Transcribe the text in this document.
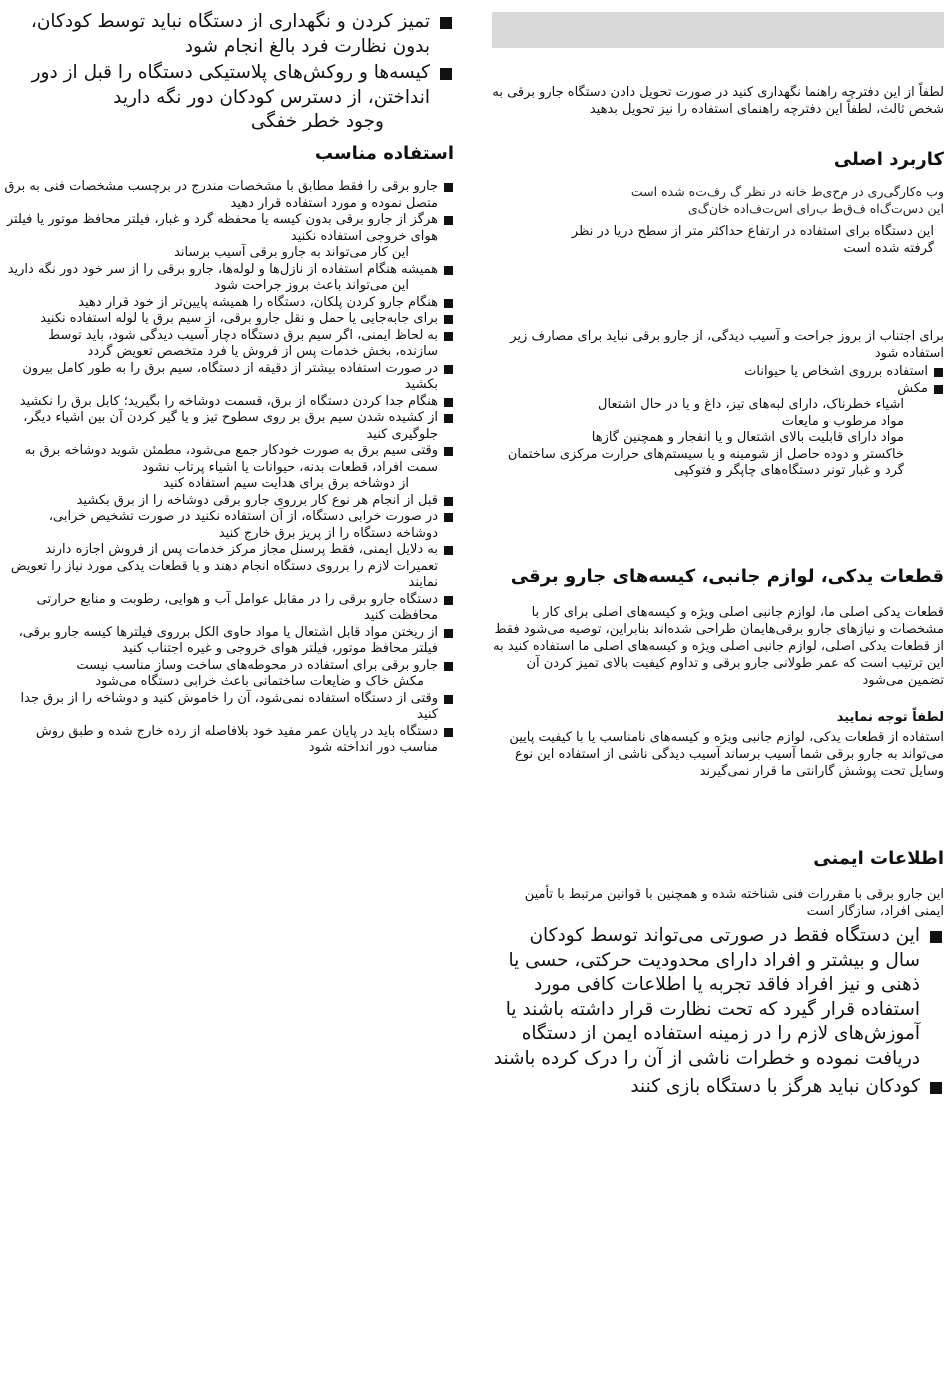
لطفاً از این دفترچه راهنما نگهداری کنید در صورت تحویل دادن دستگاه جارو برقی به شخص ثالث، لطفاً این دفترچه راهنمای استفاده را نیز تحویل بدهید

کاربرد اصلی

وب ه‌کارگی‌ری در م‌ح‌ی‌ط خانه در نظر گ رف‌ت‌ه شده است

این دس‌ت‌گ‌اه ف‌ق‌ط ب‌رای اس‌ت‌ف‌اده خان‌گ‌ی

این دستگاه برای استفاده در ارتفاع حداکثر متر از سطح دریا در نظر گرفته شده است

برای اجتناب از بروز جراحت و آسیب دیدگی، از جارو برقی نباید برای مصارف زیر استفاده شود

استفاده برروی اشخاص یا حیوانات

مکش

اشیاء خطرناک، دارای لبه‌های تیز، داغ و یا در حال اشتعال

مواد مرطوب و مایعات

مواد دارای قابلیت بالای اشتعال و یا انفجار و همچنین گازها

خاکستر و دوده حاصل از شومینه و یا سیستم‌های حرارت مرکزی ساختمان

گرد و غبار تونر دستگاه‌های چاپگر و فتوکپی

قطعات یدکی، لوازم جانبی، کیسه‌های جارو برقی

قطعات یدکی اصلی ما، لوازم جانبی اصلی ویژه و کیسه‌های اصلی برای کار با مشخصات و نیازهای جارو برقی‌هایمان طراحی شده‌اند بنابراین، توصیه می‌شود فقط از قطعات یدکی اصلی، لوازم جانبی اصلی ویژه و کیسه‌های اصلی ما استفاده کنید به این ترتیب است که عمر طولانی جارو برقی و تداوم کیفیت بالای تمیز کردن آن تضمین می‌شود

لطفاً توجه نمایید

استفاده از قطعات یدکی، لوازم جانبی ویژه و کیسه‌های نامناسب یا با کیفیت پایین می‌تواند به جارو برقی شما آسیب برساند آسیب دیدگی ناشی از استفاده این نوع وسایل تحت پوشش گارانتی ما قرار نمی‌گیرند

اطلاعات ایمنی

این جارو برقی با مقررات فنی شناخته شده و همچنین با قوانین مرتبط با تأمین ایمنی افراد، سازگار است

این دستگاه فقط در صورتی می‌تواند توسط کودکان سال و بیشتر و افراد دارای محدودیت حرکتی، حسی یا ذهنی و نیز افراد فاقد تجربه یا اطلاعات کافی مورد استفاده قرار گیرد که تحت نظارت قرار داشته باشند یا آموزش‌های لازم را در زمینه استفاده ایمن از دستگاه دریافت نموده و خطرات ناشی از آن را درک کرده باشند

کودکان نباید هرگز با دستگاه بازی کنند

تمیز کردن و نگهداری از دستگاه نباید توسط کودکان، بدون نظارت فرد بالغ انجام شود

کیسه‌ها و روکش‌های پلاستیکی دستگاه را قبل از دور انداختن، از دسترس کودکان دور نگه دارید

وجود خطر خفگی

استفاده مناسب

جارو برقی را فقط مطابق با مشخصات مندرج در برچسب مشخصات فنی به برق متصل نموده و مورد استفاده قرار دهید

هرگز از جارو برقی بدون کیسه یا محفظه گرد و غبار، فیلتر محافظ موتور یا فیلتر هوای خروجی استفاده نکنید

این کار می‌تواند به جارو برقی آسیب برساند

همیشه هنگام استفاده از نازل‌ها و لوله‌ها، جارو برقی را از سر خود دور نگه دارید

این می‌تواند باعث بروز جراحت شود

هنگام جارو کردن پلکان، دستگاه را همیشه پایین‌تر از خود قرار دهید

برای جابه‌جایی یا حمل و نقل جارو برقی، از سیم برق یا لوله استفاده نکنید

به لحاظ ایمنی، اگر سیم برق دستگاه دچار آسیب دیدگی شود، باید توسط سازنده، بخش خدمات پس از فروش یا فرد متخصص تعویض گردد

در صورت استفاده بیشتر از دقیقه از دستگاه، سیم برق را به طور کامل بیرون بکشید

هنگام جدا کردن دستگاه از برق، قسمت دوشاخه را بگیرید؛ کابل برق را نکشید

از کشیده شدن سیم برق بر روی سطوح تیز و یا گیر کردن آن بین اشیاء دیگر، جلوگیری کنید

وقتی سیم برق به صورت خودکار جمع می‌شود، مطمئن شوید دوشاخه برق به سمت افراد، قطعات بدنه، حیوانات یا اشیاء پرتاب نشود

از دوشاخه برق برای هدایت سیم استفاده کنید

قبل از انجام هر نوع کار برروی جارو برقی دوشاخه را از برق بکشید

در صورت خرابی دستگاه، از آن استفاده نکنید در صورت تشخیص خرابی، دوشاخه دستگاه را از پریز برق خارج کنید

به دلایل ایمنی، فقط پرسنل مجاز مرکز خدمات پس از فروش اجازه دارند تعمیرات لازم را برروی دستگاه انجام دهند و یا قطعات یدکی مورد نیاز را تعویض نمایند

دستگاه جارو برقی را در مقابل عوامل آب و هوایی، رطوبت و منابع حرارتی محافظت کنید

از ریختن مواد قابل اشتعال یا مواد حاوی الکل برروی فیلترها کیسه جارو برقی، فیلتر محافظ موتور، فیلتر هوای خروجی و غیره اجتناب کنید

جارو برقی برای استفاده در محوطه‌های ساخت وساز مناسب نیست

مکش خاک و ضایعات ساختمانی باعث خرابی دستگاه می‌شود

وقتی از دستگاه استفاده نمی‌شود، آن را خاموش کنید و دوشاخه را از برق جدا کنید

دستگاه باید در پایان عمر مفید خود بلافاصله از رده خارج شده و طبق روش مناسب دور انداخته شود
